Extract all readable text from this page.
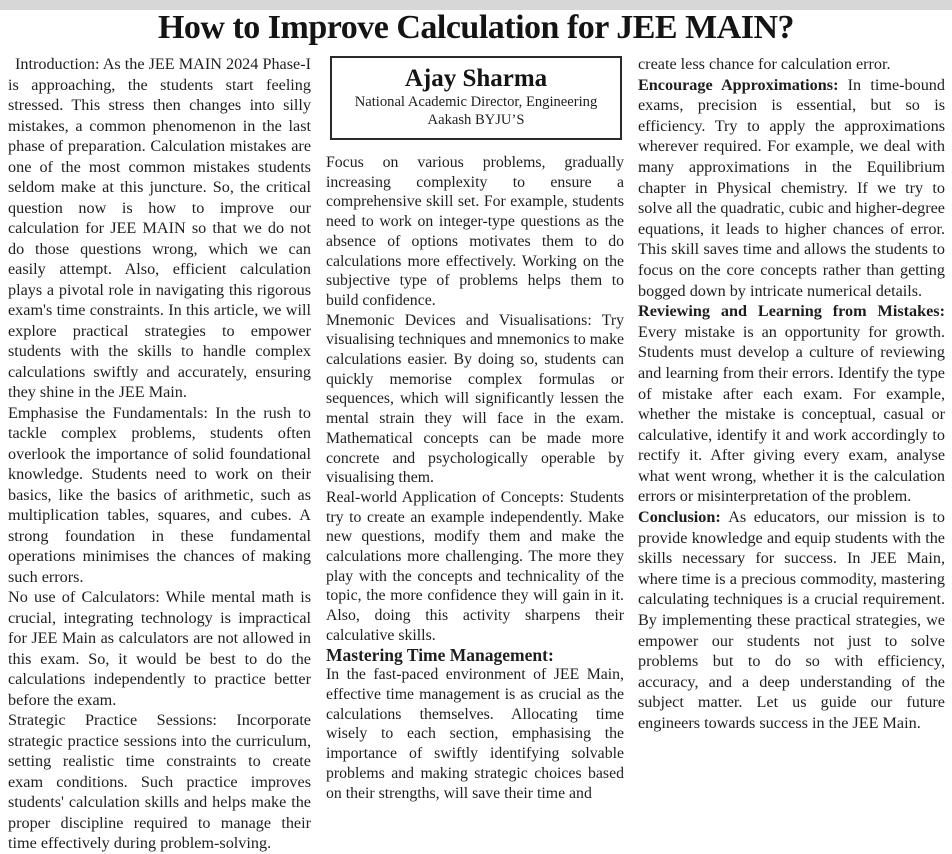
How to Improve Calculation for JEE MAIN?

Introduction: As the JEE MAIN 2024 Phase-I is approaching, the students start feeling stressed. This stress then changes into silly mistakes, a common phenomenon in the last phase of preparation. Calculation mistakes are one of the most common mistakes students seldom make at this juncture. So, the critical question now is how to improve our calculation for JEE MAIN so that we do not do those questions wrong, which we can easily attempt. Also, efficient calculation plays a pivotal role in navigating this rigorous exam's time constraints. In this article, we will explore practical strategies to empower students with the skills to handle complex calculations swiftly and accurately, ensuring they shine in the JEE Main.

Emphasise the Fundamentals: In the rush to tackle complex problems, students often overlook the importance of solid foundational knowledge. Students need to work on their basics, like the basics of arithmetic, such as multiplication tables, squares, and cubes. A strong foundation in these fundamental operations minimises the chances of making such errors.

No use of Calculators: While mental math is crucial, integrating technology is impractical for JEE Main as calculators are not allowed in this exam. So, it would be best to do the calculations independently to practice better before the exam.

Strategic Practice Sessions: Incorporate strategic practice sessions into the curriculum, setting realistic time constraints to create exam conditions. Such practice improves students' calculation skills and helps make the proper discipline required to manage their time effectively during problem-solving.

Ajay Sharma

National Academic Director, Engineering

Aakash BYJU’S

Focus on various problems, gradually increasing complexity to ensure a comprehensive skill set. For example, students need to work on integer-type questions as the absence of options motivates them to do calculations more effectively. Working on the subjective type of problems helps them to build confidence.

Mnemonic Devices and Visualisations: Try visualising techniques and mnemonics to make calculations easier. By doing so, students can quickly memorise complex formulas or sequences, which will significantly lessen the mental strain they will face in the exam. Mathematical concepts can be made more concrete and psychologically operable by visualising them.

Real-world Application of Concepts: Students try to create an example independently. Make new questions, modify them and make the calculations more challenging. The more they play with the concepts and technicality of the topic, the more confidence they will gain in it. Also, doing this activity sharpens their calculative skills.

Mastering Time Management:

In the fast-paced environment of JEE Main, effective time management is as crucial as the calculations themselves. Allocating time wisely to each section, emphasising the importance of swiftly identifying solvable problems and making strategic choices based on their strengths, will save their time and

create less chance for calculation error.

Encourage Approximations: In time-bound exams, precision is essential, but so is efficiency. Try to apply the approximations wherever required. For example, we deal with many approximations in the Equilibrium chapter in Physical chemistry. If we try to solve all the quadratic, cubic and higher-degree equations, it leads to higher chances of error. This skill saves time and allows the students to focus on the core concepts rather than getting bogged down by intricate numerical details.

Reviewing and Learning from Mistakes: Every mistake is an opportunity for growth. Students must develop a culture of reviewing and learning from their errors. Identify the type of mistake after each exam. For example, whether the mistake is conceptual, casual or calculative, identify it and work accordingly to rectify it. After giving every exam, analyse what went wrong, whether it is the calculation errors or misinterpretation of the problem.

Conclusion: As educators, our mission is to provide knowledge and equip students with the skills necessary for success. In JEE Main, where time is a precious commodity, mastering calculating techniques is a crucial requirement. By implementing these practical strategies, we empower our students not just to solve problems but to do so with efficiency, accuracy, and a deep understanding of the subject matter. Let us guide our future engineers towards success in the JEE Main.
